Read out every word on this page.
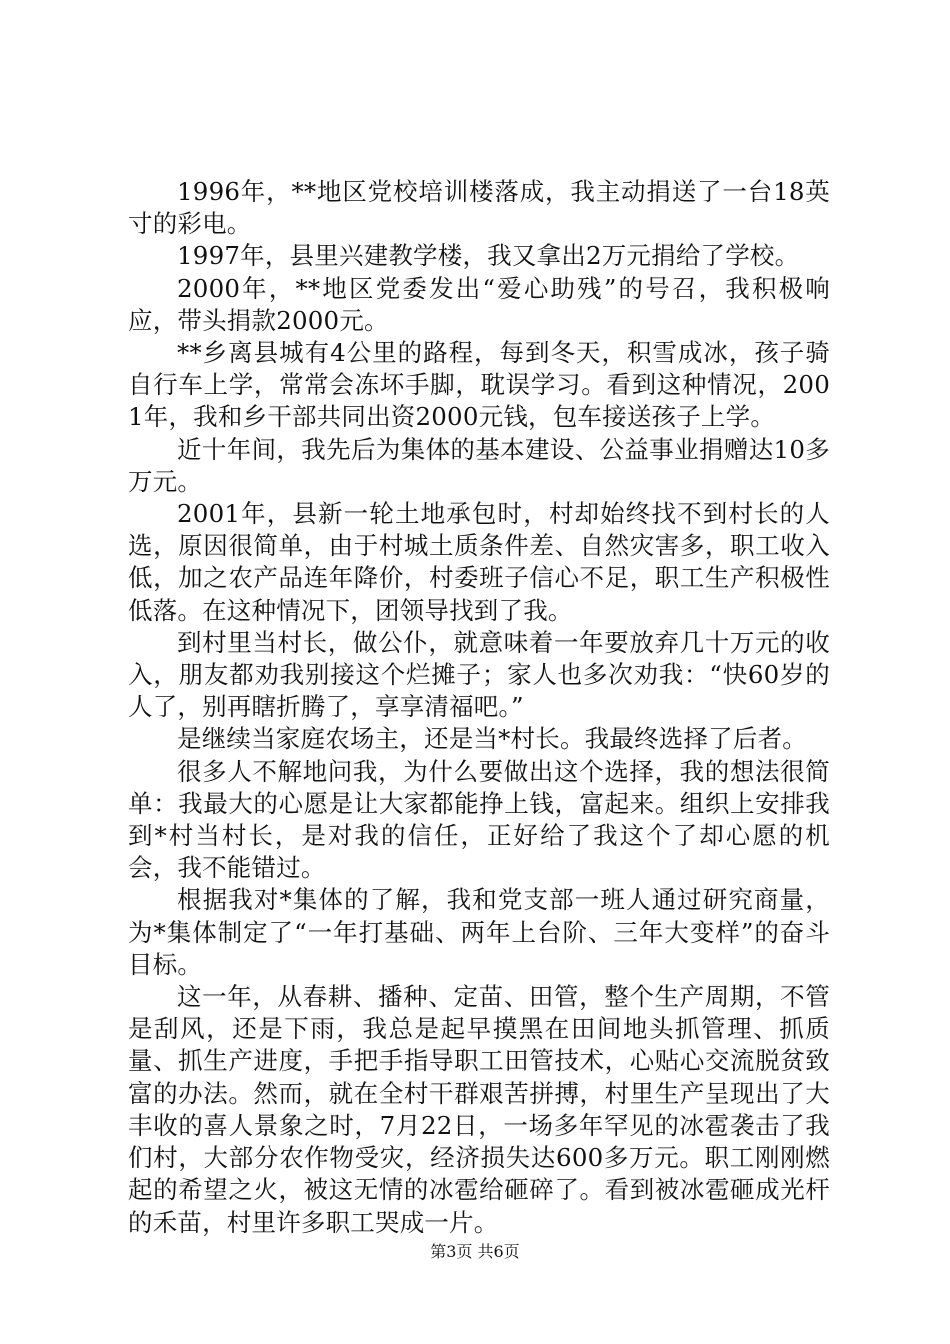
1996年，**地区党校培训楼落成，我主动捐送了一台18英寸的彩电。

1997年，县里兴建教学楼，我又拿出2万元捐给了学校。

2000年，**地区党委发出“爱心助残”的号召，我积极响应，带头捐款2000元。

**乡离县城有4公里的路程，每到冬天，积雪成冰，孩子骑自行车上学，常常会冻坏手脚，耽误学习。看到这种情况，2001年，我和乡干部共同出资2000元钱，包车接送孩子上学。

近十年间，我先后为集体的基本建设、公益事业捐赠达10多万元。

2001年，县新一轮土地承包时，村却始终找不到村长的人选，原因很简单，由于村城土质条件差、自然灾害多，职工收入低，加之农产品连年降价，村委班子信心不足，职工生产积极性低落。在这种情况下，团领导找到了我。

到村里当村长，做公仆，就意味着一年要放弃几十万元的收入，朋友都劝我别接这个烂摊子；家人也多次劝我：“快60岁的人了，别再瞎折腾了，享享清福吧。”

是继续当家庭农场主，还是当*村长。我最终选择了后者。

很多人不解地问我，为什么要做出这个选择，我的想法很简单：我最大的心愿是让大家都能挣上钱，富起来。组织上安排我到*村当村长，是对我的信任，正好给了我这个了却心愿的机会，我不能错过。

根据我对*集体的了解，我和党支部一班人通过研究商量，为*集体制定了“一年打基础、两年上台阶、三年大变样”的奋斗目标。

这一年，从春耕、播种、定苗、田管，整个生产周期，不管是刮风，还是下雨，我总是起早摸黑在田间地头抓管理、抓质量、抓生产进度，手把手指导职工田管技术，心贴心交流脱贫致富的办法。然而，就在全村干群艰苦拼搏，村里生产呈现出了大丰收的喜人景象之时，7月22日，一场多年罕见的冰雹袭击了我们村，大部分农作物受灾，经济损失达600多万元。职工刚刚燃起的希望之火，被这无情的冰雹给砸碎了。看到被冰雹砸成光杆的禾苗，村里许多职工哭成一片。

第3页 共6页
